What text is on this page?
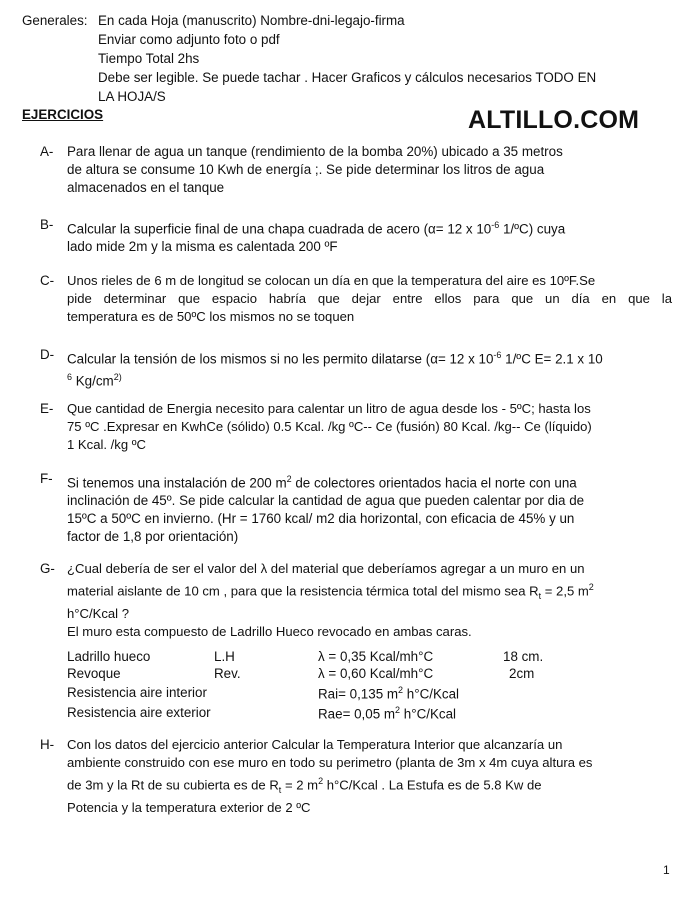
Generales: En cada Hoja (manuscrito) Nombre-dni-legajo-firma
Enviar como adjunto foto o pdf
Tiempo Total 2hs
Debe ser legible. Se puede tachar . Hacer Graficos y cálculos necesarios TODO EN
LA HOJA/S
EJERCICIOS	ALTILLO.COM
A- Para llenar de agua un tanque (rendimiento de la bomba 20%) ubicado a 35 metros

de altura se consume 10 Kwh de energía ;. Se pide determinar los litros de agua

almacenados en el tanque

B- Calcular la superficie final de una chapa cuadrada de acero (α= 12 x $10^{-6}$ 1/ºC) cuya

lado mide 2m y la misma es calentada 200 ºF

C- Unos rieles de 6 m de longitud se colocan un día en que la temperatura del aire es 10ºF.Se

pide determinar que espacio habría que dejar entre ellos para que un día en que la

temperatura es de 50ºC los mismos no se toquen

D- Calcular la tensión de los mismos si no les permito dilatarse (α= 12 x $10^{-6}$ 1/ºC E= 2.1 x 10

$^6$ $Kg/cm^{2)}$

E- Que cantidad de Energia necesito para calentar un litro de agua desde los - 5ºC; hasta los

75 ºC .Expresar en KwhCe (sólido) 0.5 Kcal. /kg ºC-- Ce (fusión) 80 Kcal. /kg-- Ce (líquido)

1 Kcal. /kg ºC

F- Si tenemos una instalación de 200 $m^2$ de colectores orientados hacia el norte con una

inclinación de 45º. Se pide calcular la cantidad de agua que pueden calentar por dia de

15ºC a 50ºC en invierno. (Hr = 1760 kcal/ m2 dia horizontal, con eficacia de 45% y un

factor de 1,8 por orientación)

G- ¿Cual debería de ser el valor del λ del material que deberíamos agregar a un muro en un

material aislante de 10 cm , para que la resistencia térmica total del mismo sea $R_t = 2,5$ $m^2$

h°C/Kcal ?

El muro esta compuesto de Ladrillo Hueco revocado en ambas caras.

Ladrillo hueco	L.H	λ = 0,35 Kcal/mh°C	18 cm.
Revoque	Rev.	λ = 0,60 Kcal/mh°C	2cm
Resistencia aire interior		Rai= 0,135 $m^2$ h°C/Kcal	
Resistencia aire exterior		Rae= 0,05 $m^2$ h°C/Kcal	
H- Con los datos del ejercicio anterior Calcular la Temperatura Interior que alcanzaría un

ambiente construido con ese muro en todo su perimetro (planta de 3m x 4m cuya altura es

de 3m y la Rt de su cubierta es de $R_t = 2$ $m^2$ h°C/Kcal . La Estufa es de 5.8 Kw de

Potencia y la temperatura exterior de 2 ºC

1
